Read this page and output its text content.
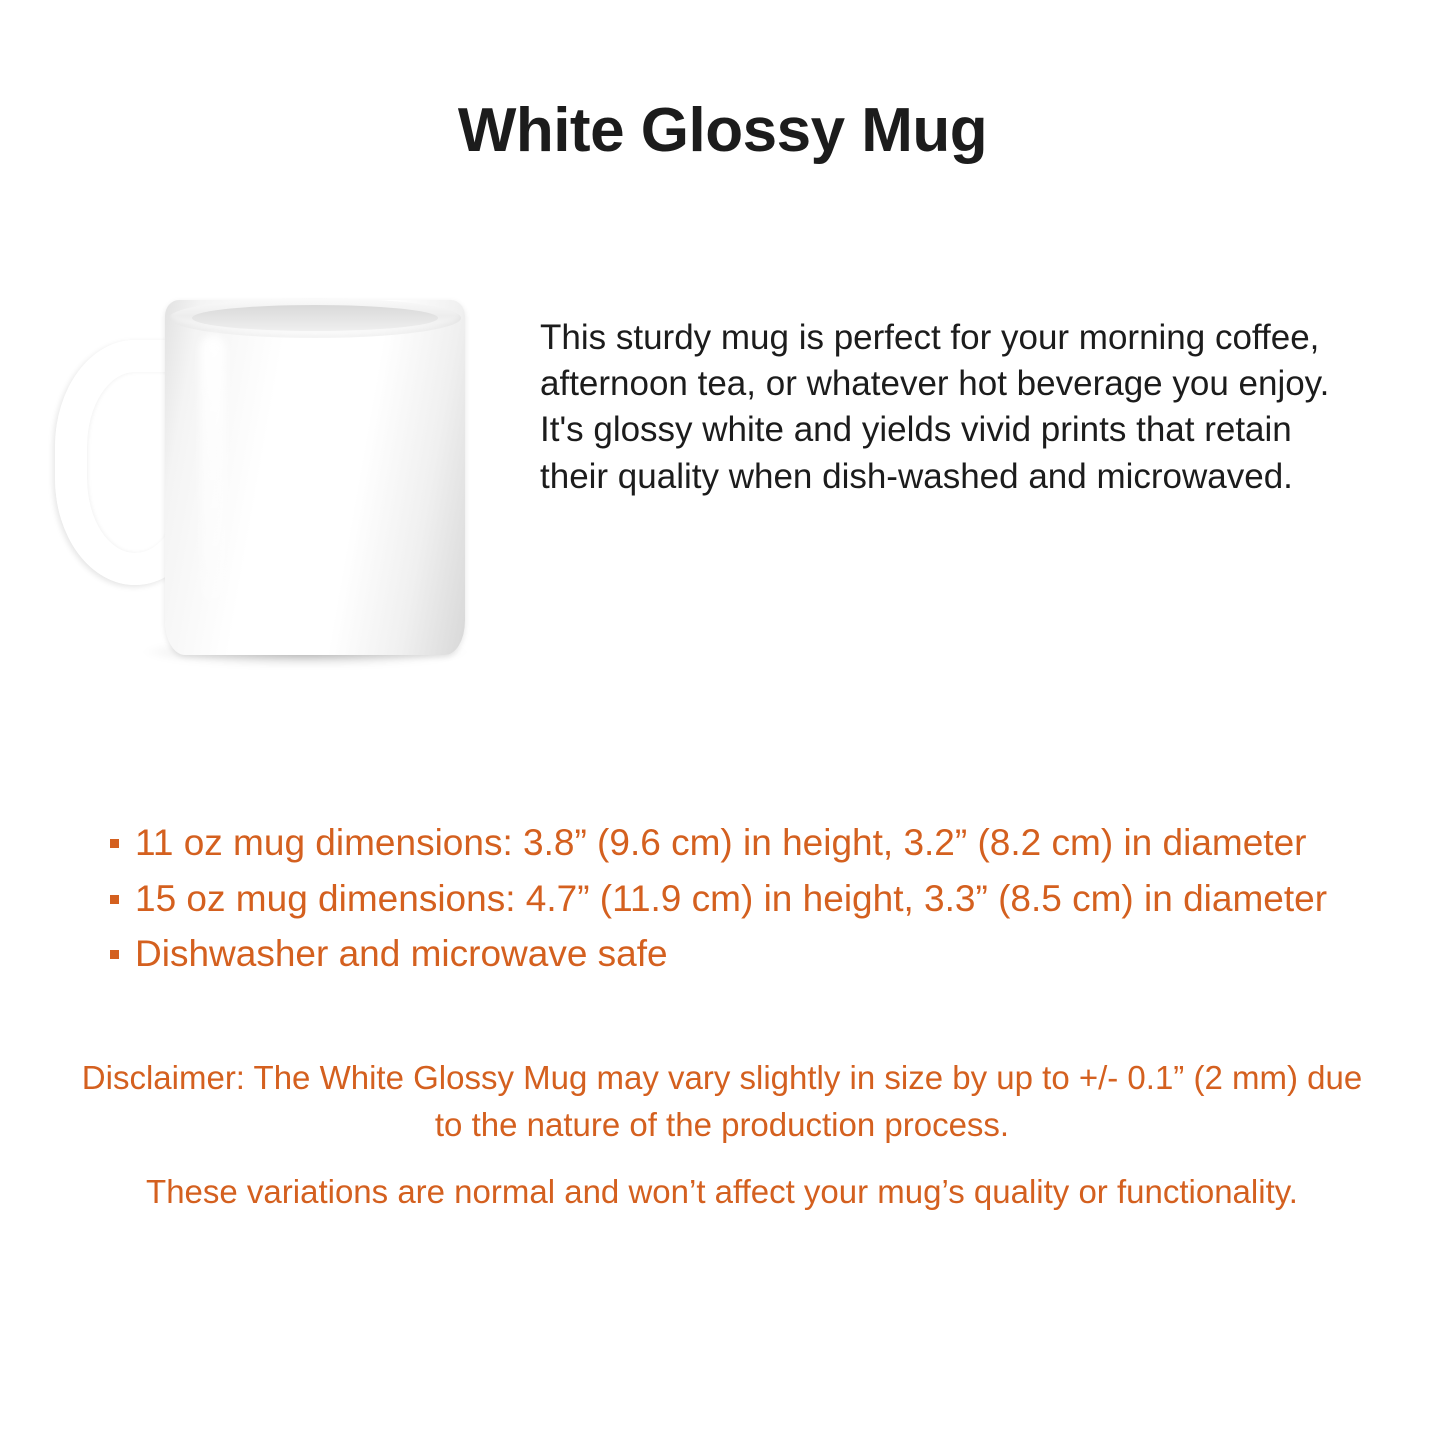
White Glossy Mug
This sturdy mug is perfect for your morning coffee, afternoon tea, or whatever hot beverage you enjoy. It's glossy white and yields vivid prints that retain their quality when dish-washed and microwaved.
11 oz mug dimensions: 3.8” (9.6 cm) in height, 3.2” (8.2 cm) in diameter
15 oz mug dimensions: 4.7” (11.9 cm) in height, 3.3” (8.5 cm) in diameter
Dishwasher and microwave safe
Disclaimer: The White Glossy Mug may vary slightly in size by up to +/- 0.1” (2 mm) due to the nature of the production process.
These variations are normal and won’t affect your mug’s quality or functionality.
